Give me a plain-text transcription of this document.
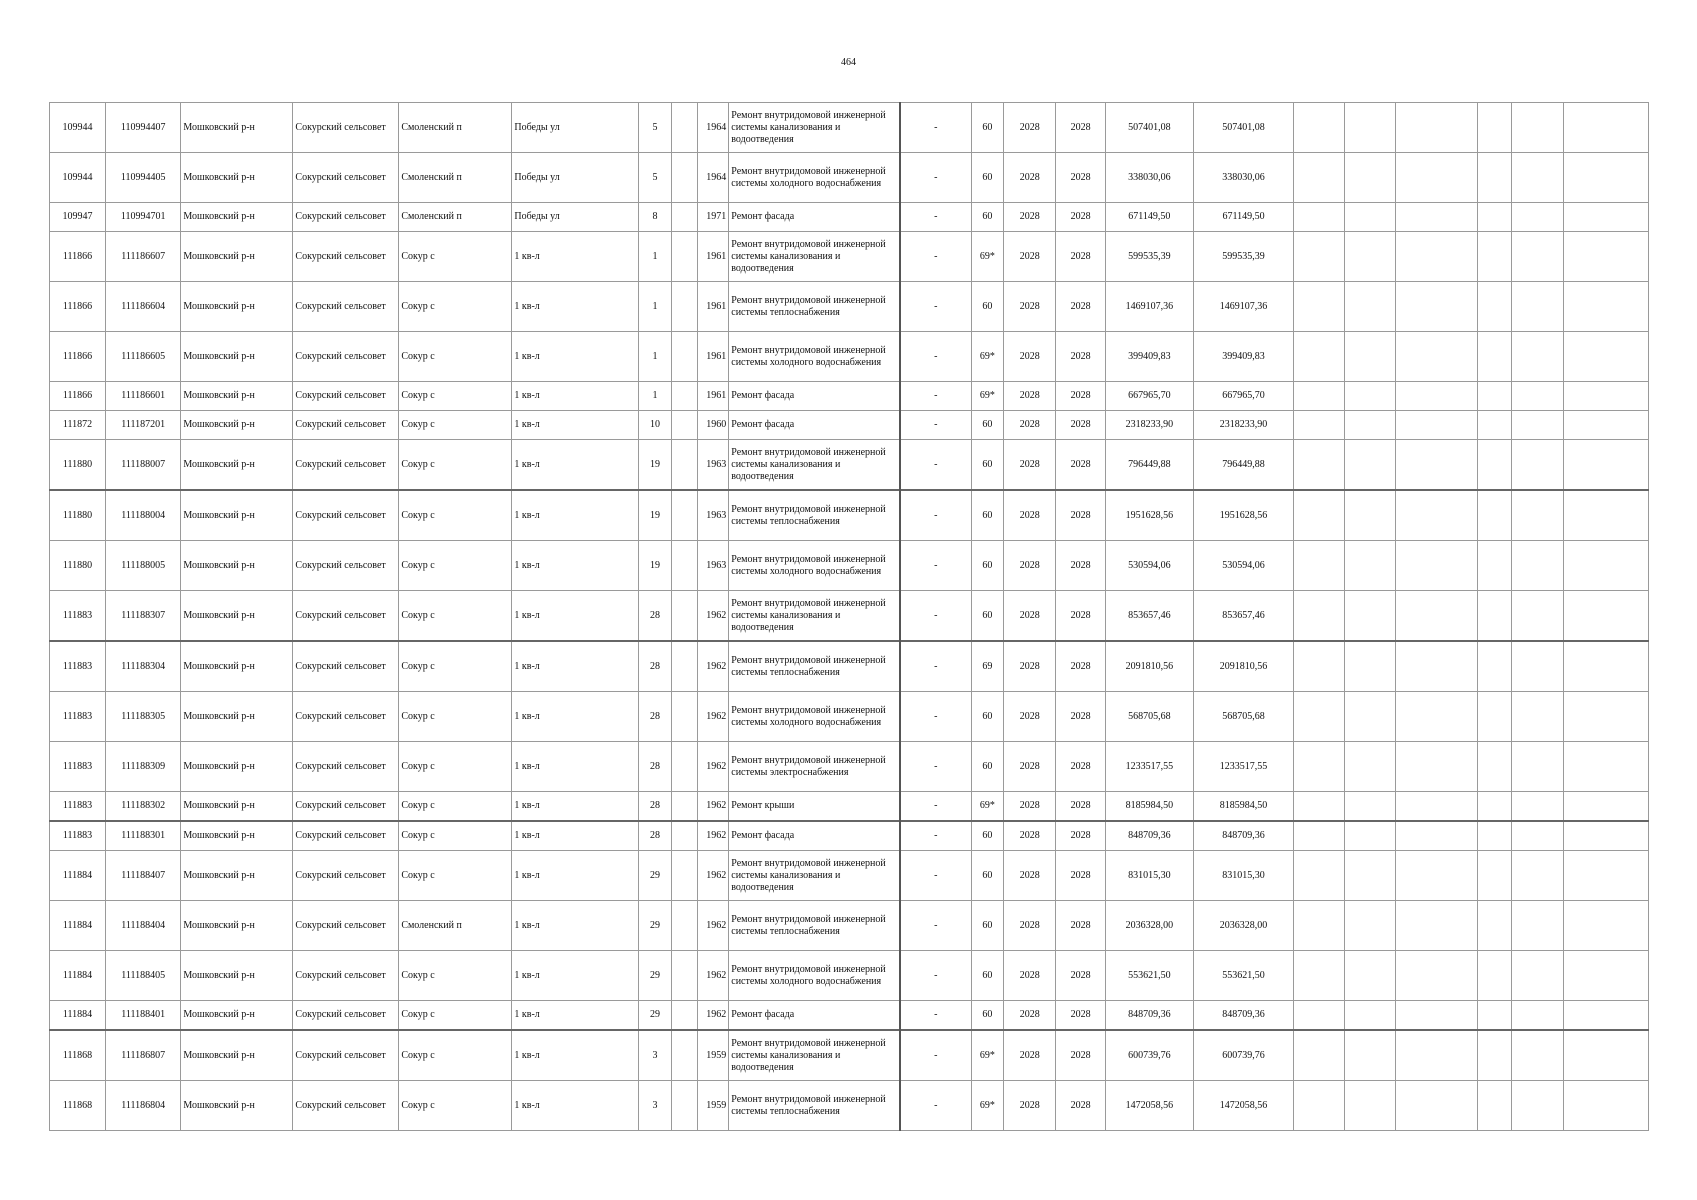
464
109944	110994407	Мошковский р-н	Сокурский сельсовет	Смоленский п	Победы ул	5		1964	Ремонт внутридомовой инженерной системы канализования и водоотведения	-	60	2028	2028	507401,08	507401,08						
109944	110994405	Мошковский р-н	Сокурский сельсовет	Смоленский п	Победы ул	5		1964	Ремонт внутридомовой инженерной системы холодного водоснабжения	-	60	2028	2028	338030,06	338030,06						
109947	110994701	Мошковский р-н	Сокурский сельсовет	Смоленский п	Победы ул	8		1971	Ремонт фасада	-	60	2028	2028	671149,50	671149,50						
111866	111186607	Мошковский р-н	Сокурский сельсовет	Сокур с	1 кв-л	1		1961	Ремонт внутридомовой инженерной системы канализования и водоотведения	-	69*	2028	2028	599535,39	599535,39						
111866	111186604	Мошковский р-н	Сокурский сельсовет	Сокур с	1 кв-л	1		1961	Ремонт внутридомовой инженерной системы теплоснабжения	-	60	2028	2028	1469107,36	1469107,36						
111866	111186605	Мошковский р-н	Сокурский сельсовет	Сокур с	1 кв-л	1		1961	Ремонт внутридомовой инженерной системы холодного водоснабжения	-	69*	2028	2028	399409,83	399409,83						
111866	111186601	Мошковский р-н	Сокурский сельсовет	Сокур с	1 кв-л	1		1961	Ремонт фасада	-	69*	2028	2028	667965,70	667965,70						
111872	111187201	Мошковский р-н	Сокурский сельсовет	Сокур с	1 кв-л	10		1960	Ремонт фасада	-	60	2028	2028	2318233,90	2318233,90						
111880	111188007	Мошковский р-н	Сокурский сельсовет	Сокур с	1 кв-л	19		1963	Ремонт внутридомовой инженерной системы канализования и водоотведения	-	60	2028	2028	796449,88	796449,88						
111880	111188004	Мошковский р-н	Сокурский сельсовет	Сокур с	1 кв-л	19		1963	Ремонт внутридомовой инженерной системы теплоснабжения	-	60	2028	2028	1951628,56	1951628,56						
111880	111188005	Мошковский р-н	Сокурский сельсовет	Сокур с	1 кв-л	19		1963	Ремонт внутридомовой инженерной системы холодного водоснабжения	-	60	2028	2028	530594,06	530594,06						
111883	111188307	Мошковский р-н	Сокурский сельсовет	Сокур с	1 кв-л	28		1962	Ремонт внутридомовой инженерной системы канализования и водоотведения	-	60	2028	2028	853657,46	853657,46						
111883	111188304	Мошковский р-н	Сокурский сельсовет	Сокур с	1 кв-л	28		1962	Ремонт внутридомовой инженерной системы теплоснабжения	-	69	2028	2028	2091810,56	2091810,56						
111883	111188305	Мошковский р-н	Сокурский сельсовет	Сокур с	1 кв-л	28		1962	Ремонт внутридомовой инженерной системы холодного водоснабжения	-	60	2028	2028	568705,68	568705,68						
111883	111188309	Мошковский р-н	Сокурский сельсовет	Сокур с	1 кв-л	28		1962	Ремонт внутридомовой инженерной системы электроснабжения	-	60	2028	2028	1233517,55	1233517,55						
111883	111188302	Мошковский р-н	Сокурский сельсовет	Сокур с	1 кв-л	28		1962	Ремонт крыши	-	69*	2028	2028	8185984,50	8185984,50						
111883	111188301	Мошковский р-н	Сокурский сельсовет	Сокур с	1 кв-л	28		1962	Ремонт фасада	-	60	2028	2028	848709,36	848709,36						
111884	111188407	Мошковский р-н	Сокурский сельсовет	Сокур с	1 кв-л	29		1962	Ремонт внутридомовой инженерной системы канализования и водоотведения	-	60	2028	2028	831015,30	831015,30						
111884	111188404	Мошковский р-н	Сокурский сельсовет	Смоленский п	1 кв-л	29		1962	Ремонт внутридомовой инженерной системы теплоснабжения	-	60	2028	2028	2036328,00	2036328,00						
111884	111188405	Мошковский р-н	Сокурский сельсовет	Сокур с	1 кв-л	29		1962	Ремонт внутридомовой инженерной системы холодного водоснабжения	-	60	2028	2028	553621,50	553621,50						
111884	111188401	Мошковский р-н	Сокурский сельсовет	Сокур с	1 кв-л	29		1962	Ремонт фасада	-	60	2028	2028	848709,36	848709,36						
111868	111186807	Мошковский р-н	Сокурский сельсовет	Сокур с	1 кв-л	3		1959	Ремонт внутридомовой инженерной системы канализования и водоотведения	-	69*	2028	2028	600739,76	600739,76						
111868	111186804	Мошковский р-н	Сокурский сельсовет	Сокур с	1 кв-л	3		1959	Ремонт внутридомовой инженерной системы теплоснабжения	-	69*	2028	2028	1472058,56	1472058,56						
